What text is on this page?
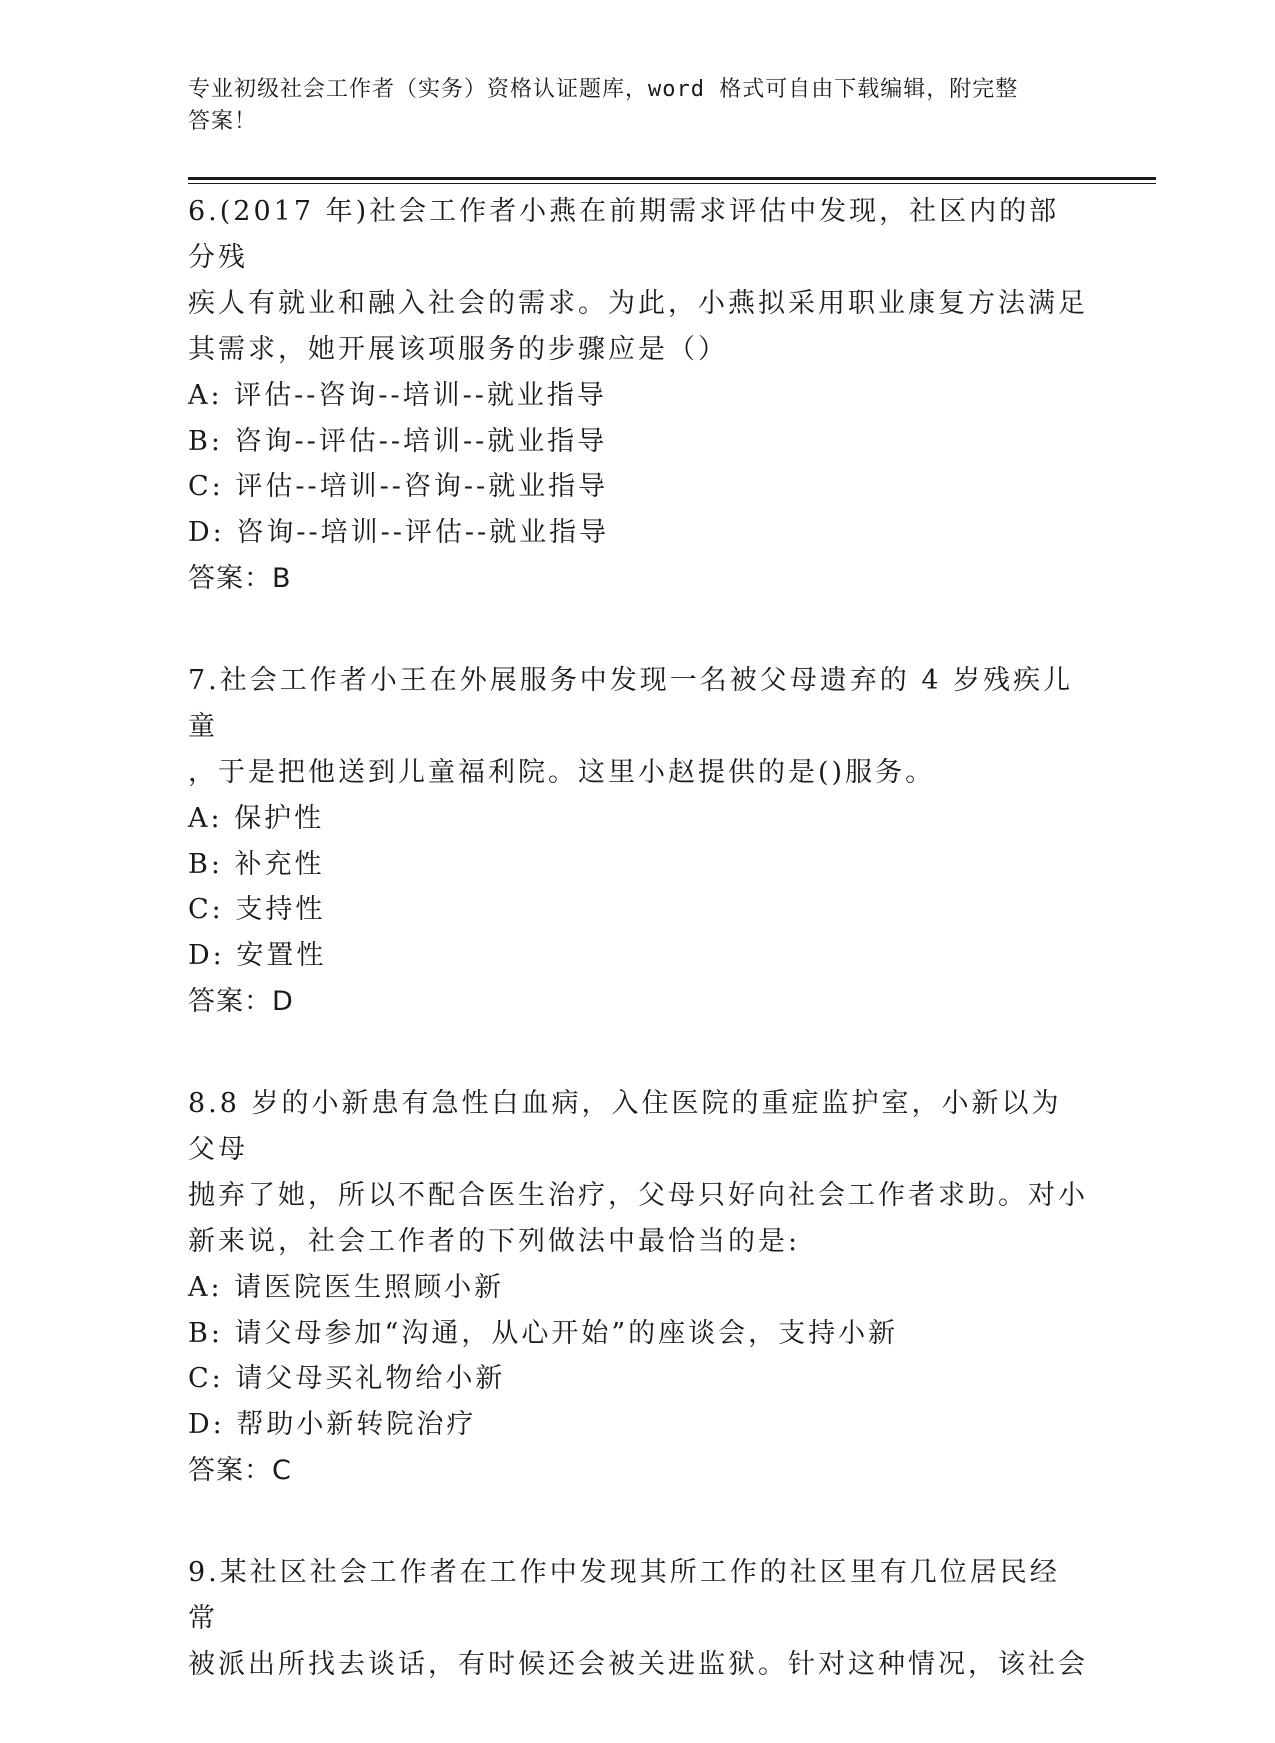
专业初级社会工作者（实务）资格认证题库，word 格式可自由下载编辑，附完整
答案！
6.(2017 年)社会工作者小燕在前期需求评估中发现，社区内的部分残
疾人有就业和融入社会的需求。为此，小燕拟采用职业康复方法满足
其需求，她开展该项服务的步骤应是（）
A: 评估--咨询--培训--就业指导
B: 咨询--评估--培训--就业指导
C: 评估--培训--咨询--就业指导
D: 咨询--培训--评估--就业指导
答案：B
7.社会工作者小王在外展服务中发现一名被父母遗弃的 4 岁残疾儿童
，于是把他送到儿童福利院。这里小赵提供的是()服务。
A: 保护性
B: 补充性
C: 支持性
D: 安置性
答案：D
8.8 岁的小新患有急性白血病，入住医院的重症监护室，小新以为父母
抛弃了她，所以不配合医生治疗，父母只好向社会工作者求助。对小
新来说，社会工作者的下列做法中最恰当的是:
A: 请医院医生照顾小新
B: 请父母参加“沟通，从心开始”的座谈会，支持小新
C: 请父母买礼物给小新
D: 帮助小新转院治疗
答案：C
9.某社区社会工作者在工作中发现其所工作的社区里有几位居民经常
被派出所找去谈话，有时候还会被关进监狱。针对这种情况，该社会
